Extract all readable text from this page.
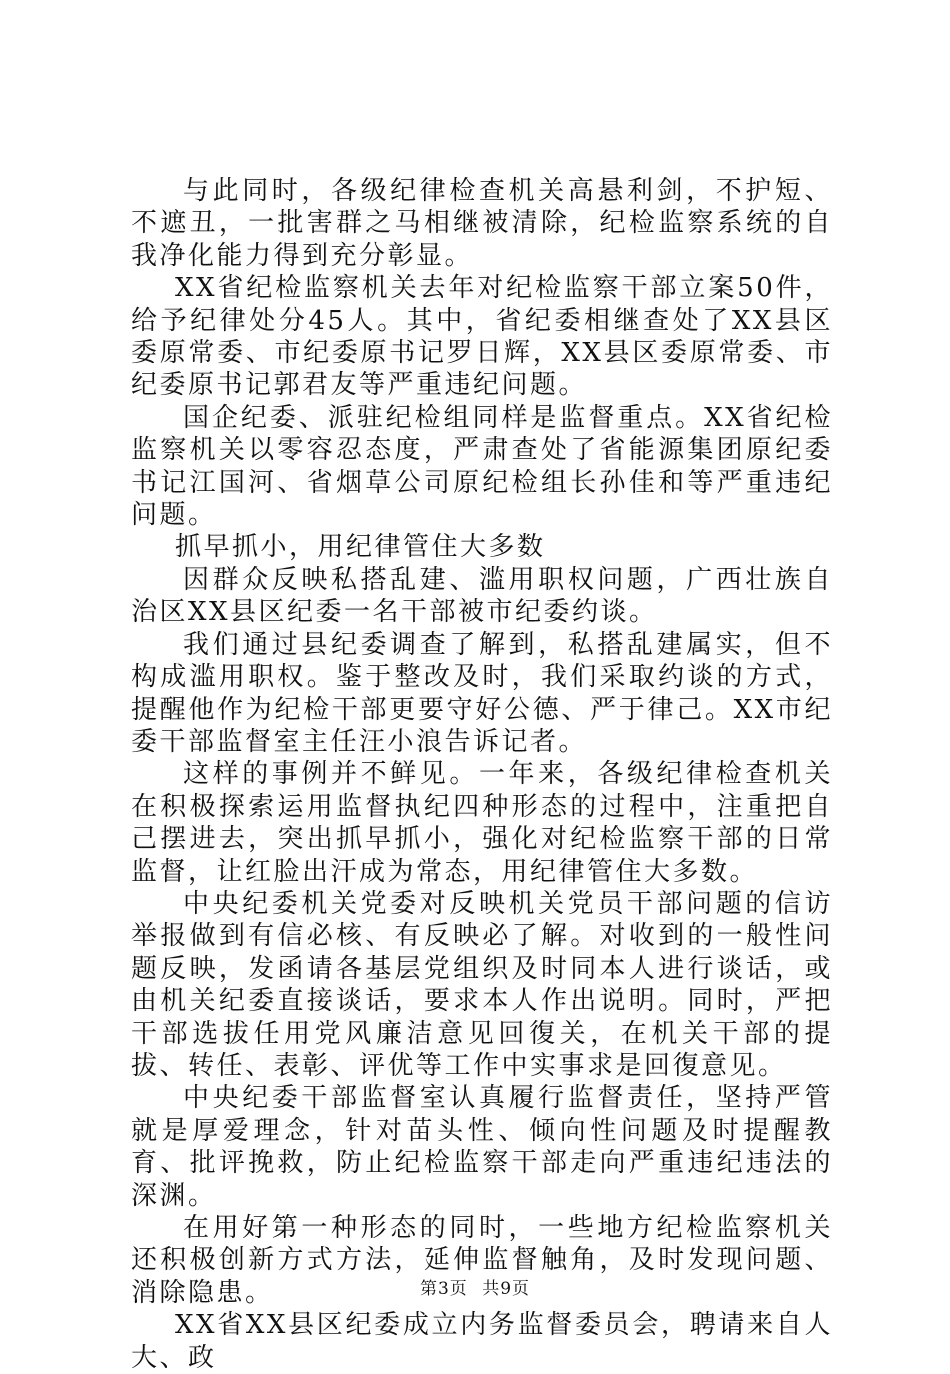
与此同时，各级纪律检查机关高悬利剑，不护短、不遮丑，一批害群之马相继被清除，纪检监察系统的自我净化能力得到充分彰显。

XX省纪检监察机关去年对纪检监察干部立案50件，给予纪律处分45人。其中，省纪委相继查处了XX县区委原常委、市纪委原书记罗日辉，XX县区委原常委、市纪委原书记郭君友等严重违纪问题。

国企纪委、派驻纪检组同样是监督重点。XX省纪检监察机关以零容忍态度，严肃查处了省能源集团原纪委书记江国河、省烟草公司原纪检组长孙佳和等严重违纪问题。

抓早抓小，用纪律管住大多数

因群众反映私搭乱建、滥用职权问题，广西壮族自治区XX县区纪委一名干部被市纪委约谈。

我们通过县纪委调查了解到，私搭乱建属实，但不构成滥用职权。鉴于整改及时，我们采取约谈的方式，提醒他作为纪检干部更要守好公德、严于律己。XX市纪委干部监督室主任汪小浪告诉记者。

这样的事例并不鲜见。一年来，各级纪律检查机关在积极探索运用监督执纪四种形态的过程中，注重把自己摆进去，突出抓早抓小，强化对纪检监察干部的日常监督，让红脸出汗成为常态，用纪律管住大多数。

中央纪委机关党委对反映机关党员干部问题的信访举报做到有信必核、有反映必了解。对收到的一般性问题反映，发函请各基层党组织及时同本人进行谈话，或由机关纪委直接谈话，要求本人作出说明。同时，严把干部选拔任用党风廉洁意见回復关，在机关干部的提拔、转任、表彰、评优等工作中实事求是回復意见。

中央纪委干部监督室认真履行监督责任，坚持严管就是厚爱理念，针对苗头性、倾向性问题及时提醒教育、批评挽救，防止纪检监察干部走向严重违纪违法的深渊。

在用好第一种形态的同时，一些地方纪检监察机关还积极创新方式方法，延伸监督触角，及时发现问题、消除隐患。

XX省XX县区纪委成立内务监督委员会，聘请来自人大、政

第3页 共9页
